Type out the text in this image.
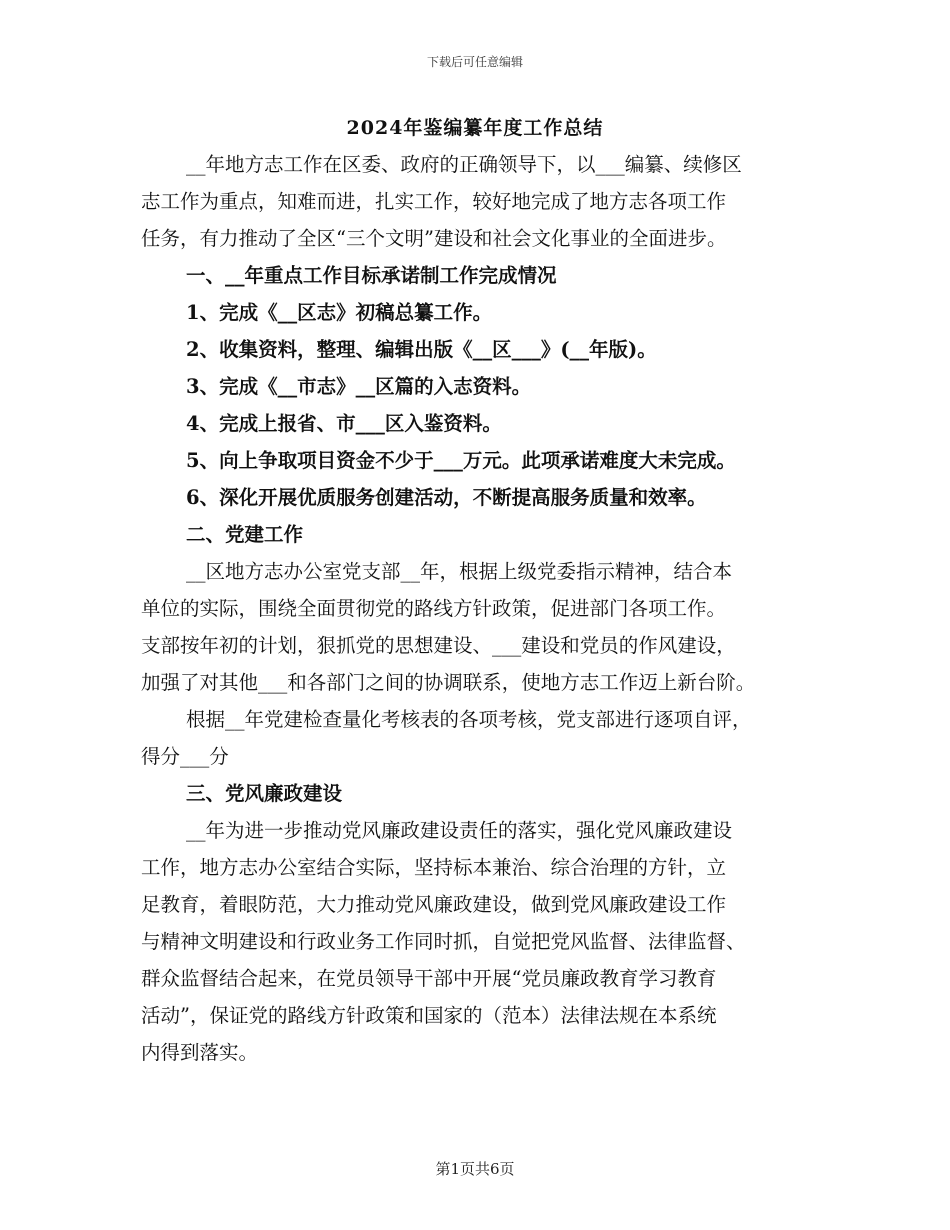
下载后可任意编辑
2024年鉴编纂年度工作总结
__年地方志工作在区委、政府的正确领导下，以___编纂、续修区
志工作为重点，知难而进，扎实工作，较好地完成了地方志各项工作
任务，有力推动了全区“三个文明”建设和社会文化事业的全面进步。
一、__年重点工作目标承诺制工作完成情况
1、完成《__区志》初稿总纂工作。
2、收集资料，整理、编辑出版《__区___》(__年版)。
3、完成《__市志》__区篇的入志资料。
4、完成上报省、市___区入鉴资料。
5、向上争取项目资金不少于___万元。此项承诺难度大未完成。
6、深化开展优质服务创建活动，不断提高服务质量和效率。
二、党建工作
__区地方志办公室党支部__年，根据上级党委指示精神，结合本
单位的实际，围绕全面贯彻党的路线方针政策，促进部门各项工作。
支部按年初的计划，狠抓党的思想建设、___建设和党员的作风建设，
加强了对其他___和各部门之间的协调联系，使地方志工作迈上新台阶。
根据__年党建检查量化考核表的各项考核，党支部进行逐项自评，
得分___分
三、党风廉政建设
__年为进一步推动党风廉政建设责任的落实，强化党风廉政建设
工作，地方志办公室结合实际，坚持标本兼治、综合治理的方针，立
足教育，着眼防范，大力推动党风廉政建设，做到党风廉政建设工作
与精神文明建设和行政业务工作同时抓，自觉把党风监督、法律监督、
群众监督结合起来，在党员领导干部中开展“党员廉政教育学习教育
活动”，保证党的路线方针政策和国家的（范本）法律法规在本系统
内得到落实。
第1页共6页
